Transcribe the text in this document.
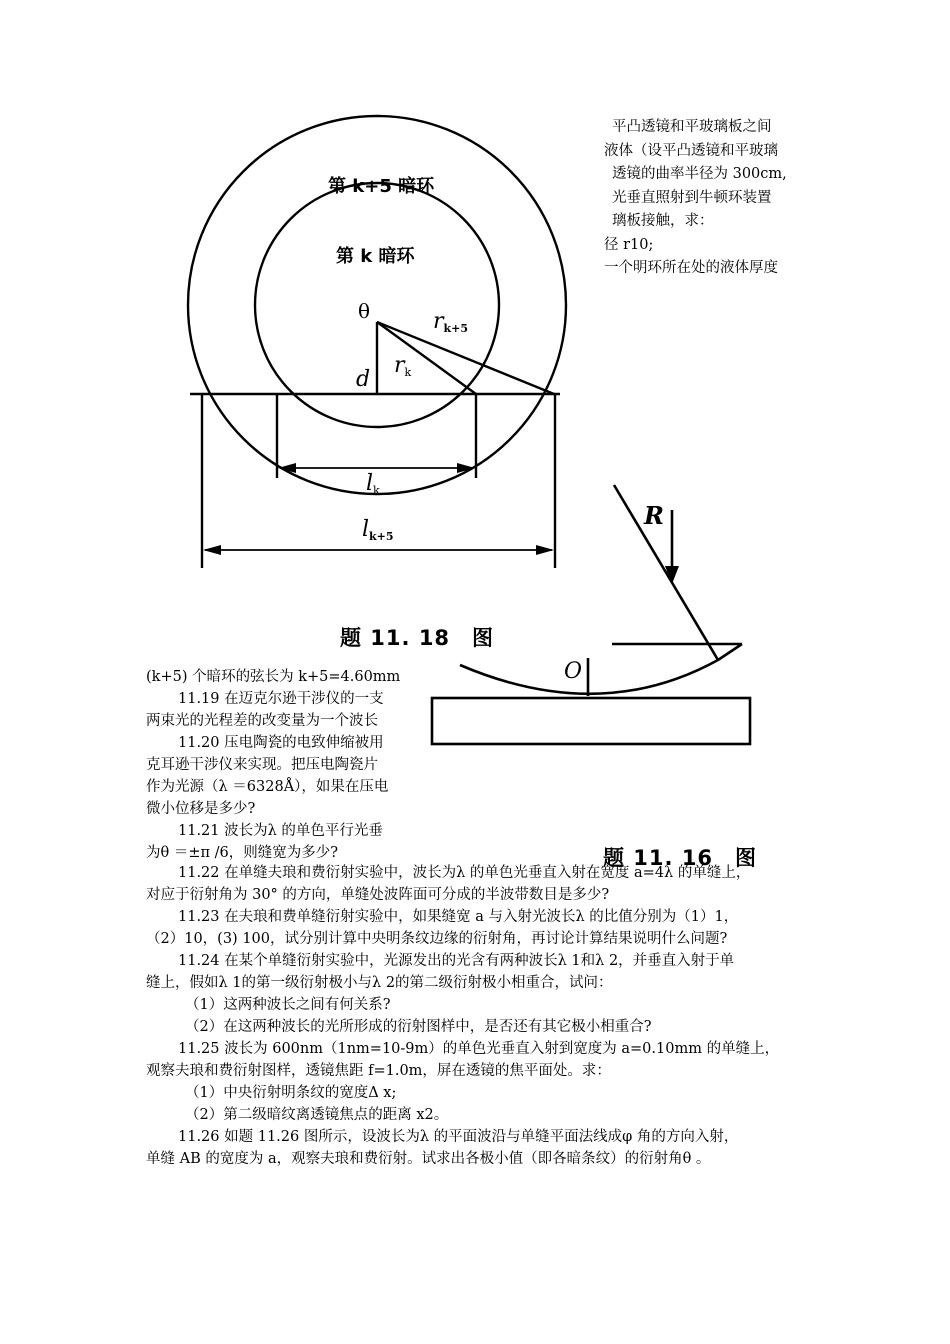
平凸透镜和平玻璃板之间
液体（设平凸透镜和平玻璃
透镜的曲率半径为 300cm,
光垂直照射到牛顿环装置
璃板接触，求：
径 r10;
一个明环所在处的液体厚度
第 k+5 暗环
第 k 暗环
θ	rk+5
rk
d
lk
lk+5
题 11. 18　图
R
O
题 11. 16　图
(k+5) 个暗环的弦长为 k+5=4.60mm
11.19 在迈克尔逊干涉仪的一支
两束光的光程差的改变量为一个波长
11.20 压电陶瓷的电致伸缩被用
克耳逊干涉仪来实现。把压电陶瓷片
作为光源（λ ＝6328Å），如果在压电
微小位移是多少?
11.21 波长为λ 的单色平行光垂
为θ ＝±π /6，则缝宽为多少?
11.22 在单缝夫琅和费衍射实验中，波长为λ 的单色光垂直入射在宽度 a=4λ 的单缝上，
对应于衍射角为 30° 的方向，单缝处波阵面可分成的半波带数目是多少?
11.23 在夫琅和费单缝衍射实验中，如果缝宽 a 与入射光波长λ 的比值分别为（1）1，
（2）10，(3) 100，试分别计算中央明条纹边缘的衍射角，再讨论计算结果说明什么问题?
11.24 在某个单缝衍射实验中，光源发出的光含有两种波长λ 1和λ 2，并垂直入射于单
缝上，假如λ 1的第一级衍射极小与λ 2的第二级衍射极小相重合，试问：
（1）这两种波长之间有何关系?
（2）在这两种波长的光所形成的衍射图样中，是否还有其它极小相重合?
11.25 波长为 600nm（1nm=10-9m）的单色光垂直入射到宽度为 a=0.10mm 的单缝上，
观察夫琅和费衍射图样，透镜焦距 f=1.0m，屏在透镜的焦平面处。求：
（1）中央衍射明条纹的宽度Δ x;
（2）第二级暗纹离透镜焦点的距离 x2。
11.26 如题 11.26 图所示，设波长为λ 的平面波沿与单缝平面法线成φ 角的方向入射，
单缝 AB 的宽度为 a，观察夫琅和费衍射。试求出各极小值（即各暗条纹）的衍射角θ 。
